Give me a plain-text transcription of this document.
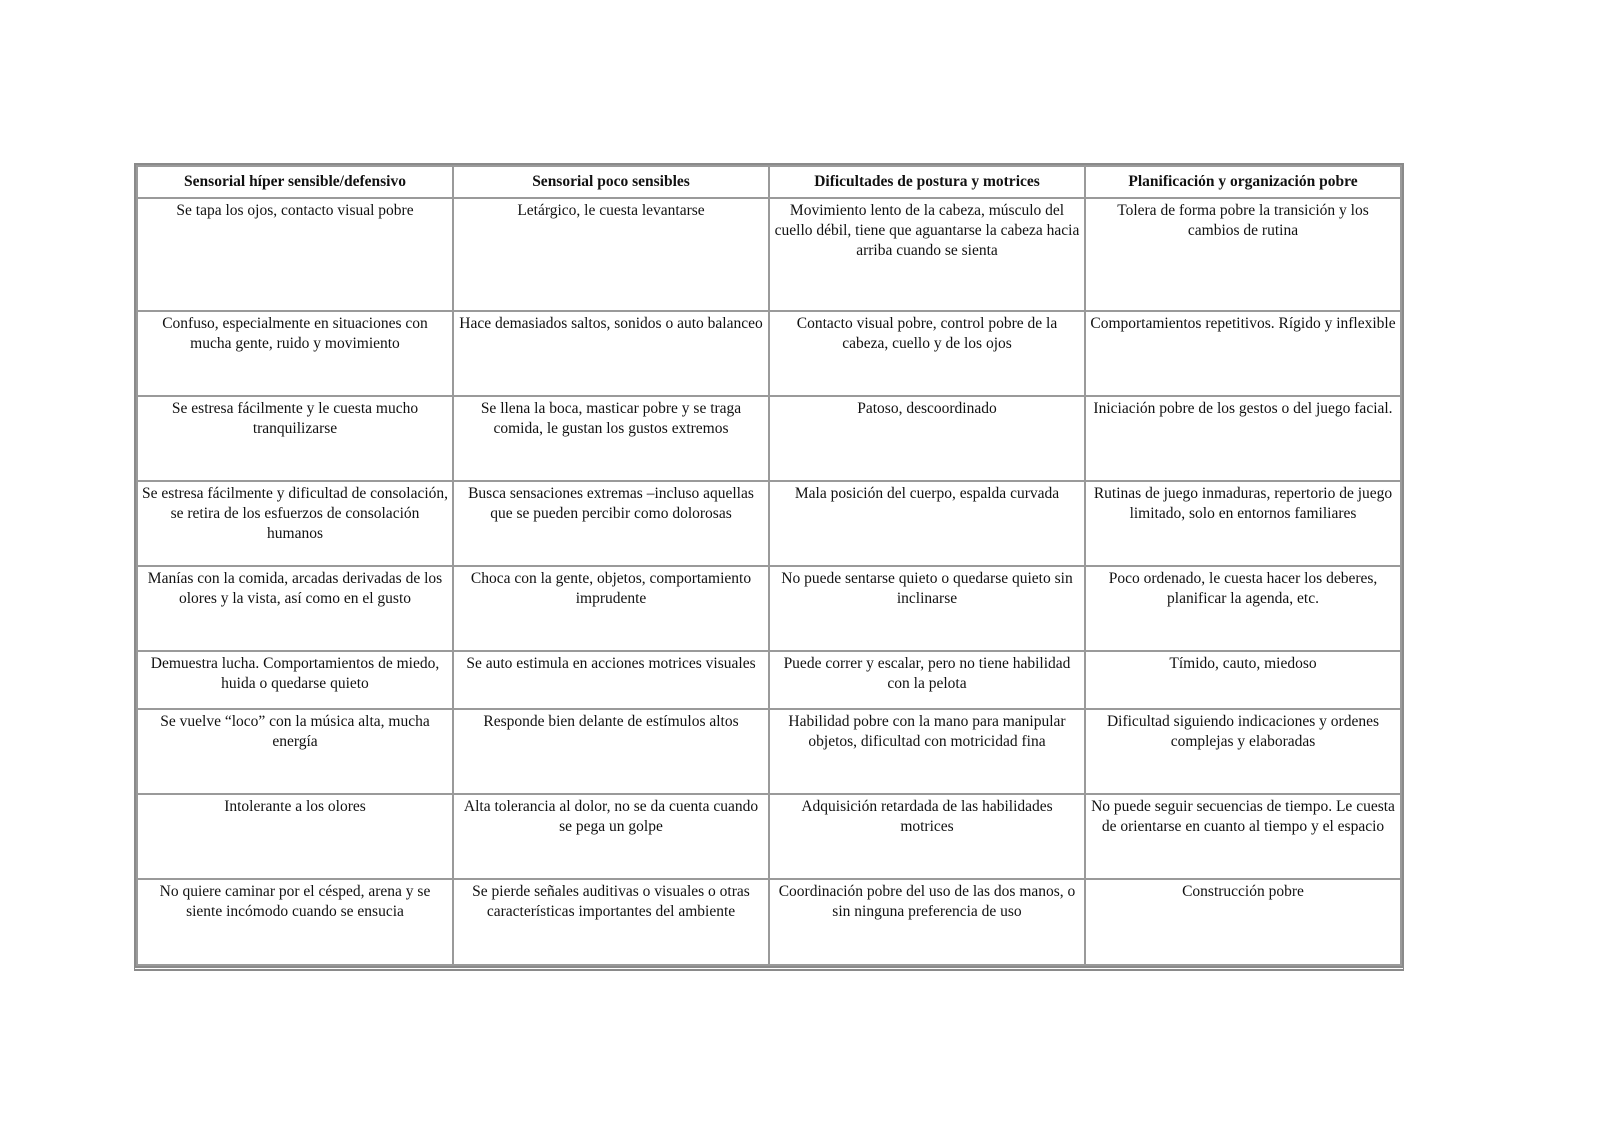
Sensorial híper sensible/defensivo	Sensorial poco sensibles	Dificultades de postura y motrices	Planificación y organización pobre
Se tapa los ojos, contacto visual pobre	Letárgico, le cuesta levantarse	Movimiento lento de la cabeza, músculo del cuello débil, tiene que aguantarse la cabeza hacia arriba cuando se sienta	Tolera de forma pobre la transición y los cambios de rutina
Confuso, especialmente en situaciones con mucha gente, ruido y movimiento	Hace demasiados saltos, sonidos o auto balanceo	Contacto visual pobre, control pobre de la cabeza, cuello y de los ojos	Comportamientos repetitivos. Rígido y inflexible
Se estresa fácilmente y le cuesta mucho tranquilizarse	Se llena la boca, masticar pobre y se traga comida, le gustan los gustos extremos	Patoso, descoordinado	Iniciación pobre de los gestos o del juego facial.
Se estresa fácilmente y dificultad de consolación, se retira de los esfuerzos de consolación humanos	Busca sensaciones extremas –incluso aquellas que se pueden percibir como dolorosas	Mala posición del cuerpo, espalda curvada	Rutinas de juego inmaduras, repertorio de juego limitado, solo en entornos familiares
Manías con la comida, arcadas derivadas de los olores y la vista, así como en el gusto	Choca con la gente, objetos, comportamiento imprudente	No puede sentarse quieto o quedarse quieto sin inclinarse	Poco ordenado, le cuesta hacer los deberes, planificar la agenda, etc.
Demuestra lucha. Comportamientos de miedo, huida o quedarse quieto	Se auto estimula en acciones motrices visuales	Puede correr y escalar, pero no tiene habilidad con la pelota	Tímido, cauto, miedoso
Se vuelve “loco” con la música alta, mucha energía	Responde bien delante de estímulos altos	Habilidad pobre con la mano para manipular objetos, dificultad con motricidad fina	Dificultad siguiendo indicaciones y ordenes complejas y elaboradas
Intolerante a los olores	Alta tolerancia al dolor, no se da cuenta cuando se pega un golpe	Adquisición retardada de las habilidades motrices	No puede seguir secuencias de tiempo. Le cuesta de orientarse en cuanto al tiempo y el espacio
No quiere caminar por el césped, arena y se siente incómodo cuando se ensucia	Se pierde señales auditivas o visuales o otras características importantes del ambiente	Coordinación pobre del uso de las dos manos, o sin ninguna preferencia de uso	Construcción pobre
